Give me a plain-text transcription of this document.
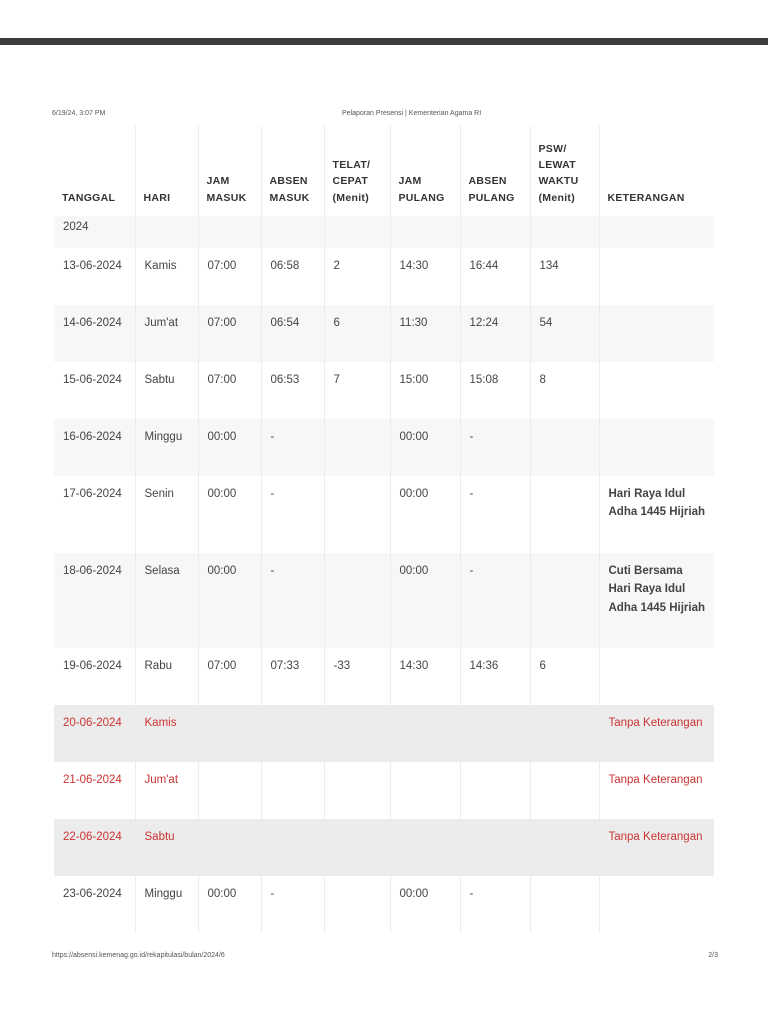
6/19/24, 3:07 PM	Pelaporan Presensi | Kementerian Agama RI
TANGGAL	HARI	JAM MASUK	ABSEN MASUK	TELAT/ CEPAT (Menit)	JAM PULANG	ABSEN PULANG	PSW/ LEWAT WAKTU (Menit)	KETERANGAN
2024								
13-06-2024	Kamis	07:00	06:58	2	14:30	16:44	134	
14-06-2024	Jum'at	07:00	06:54	6	11:30	12:24	54	
15-06-2024	Sabtu	07:00	06:53	7	15:00	15:08	8	
16-06-2024	Minggu	00:00	-		00:00	-		
17-06-2024	Senin	00:00	-		00:00	-		Hari Raya Idul Adha 1445 Hijriah
18-06-2024	Selasa	00:00	-		00:00	-		Cuti Bersama Hari Raya Idul Adha 1445 Hijriah
19-06-2024	Rabu	07:00	07:33	-33	14:30	14:36	6	
20-06-2024	Kamis							Tanpa Keterangan
21-06-2024	Jum'at							Tanpa Keterangan
22-06-2024	Sabtu							Tanpa Keterangan
23-06-2024	Minggu	00:00	-		00:00	-		
https://absensi.kemenag.go.id/rekapitulasi/bulan/2024/6	2/3
